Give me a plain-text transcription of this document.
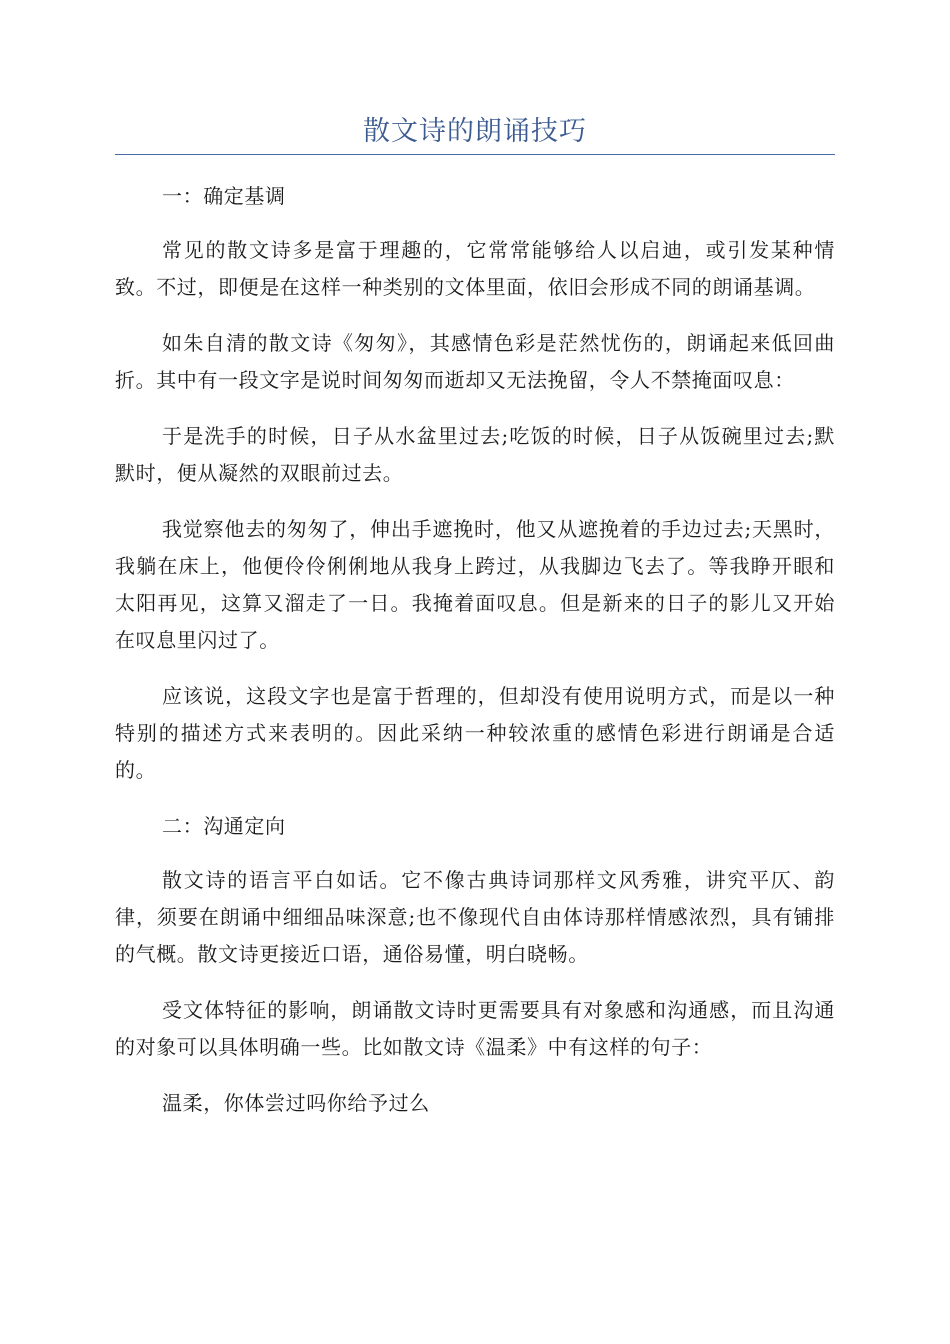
散文诗的朗诵技巧

一：确定基调

常见的散文诗多是富于理趣的，它常常能够给人以启迪，或引发某种情致。不过，即便是在这样一种类别的文体里面，依旧会形成不同的朗诵基调。

如朱自清的散文诗《匆匆》，其感情色彩是茫然忧伤的，朗诵起来低回曲折。其中有一段文字是说时间匆匆而逝却又无法挽留，令人不禁掩面叹息：

于是洗手的时候，日子从水盆里过去;吃饭的时候，日子从饭碗里过去;默默时，便从凝然的双眼前过去。

我觉察他去的匆匆了，伸出手遮挽时，他又从遮挽着的手边过去;天黑时，我躺在床上，他便伶伶俐俐地从我身上跨过，从我脚边飞去了。等我睁开眼和太阳再见，这算又溜走了一日。我掩着面叹息。但是新来的日子的影儿又开始在叹息里闪过了。

应该说，这段文字也是富于哲理的，但却没有使用说明方式，而是以一种特别的描述方式来表明的。因此采纳一种较浓重的感情色彩进行朗诵是合适的。

二：沟通定向

散文诗的语言平白如话。它不像古典诗词那样文风秀雅，讲究平仄、韵律，须要在朗诵中细细品味深意;也不像现代自由体诗那样情感浓烈，具有铺排的气概。散文诗更接近口语，通俗易懂，明白晓畅。

受文体特征的影响，朗诵散文诗时更需要具有对象感和沟通感，而且沟通的对象可以具体明确一些。比如散文诗《温柔》中有这样的句子：

温柔，你体尝过吗你给予过么
